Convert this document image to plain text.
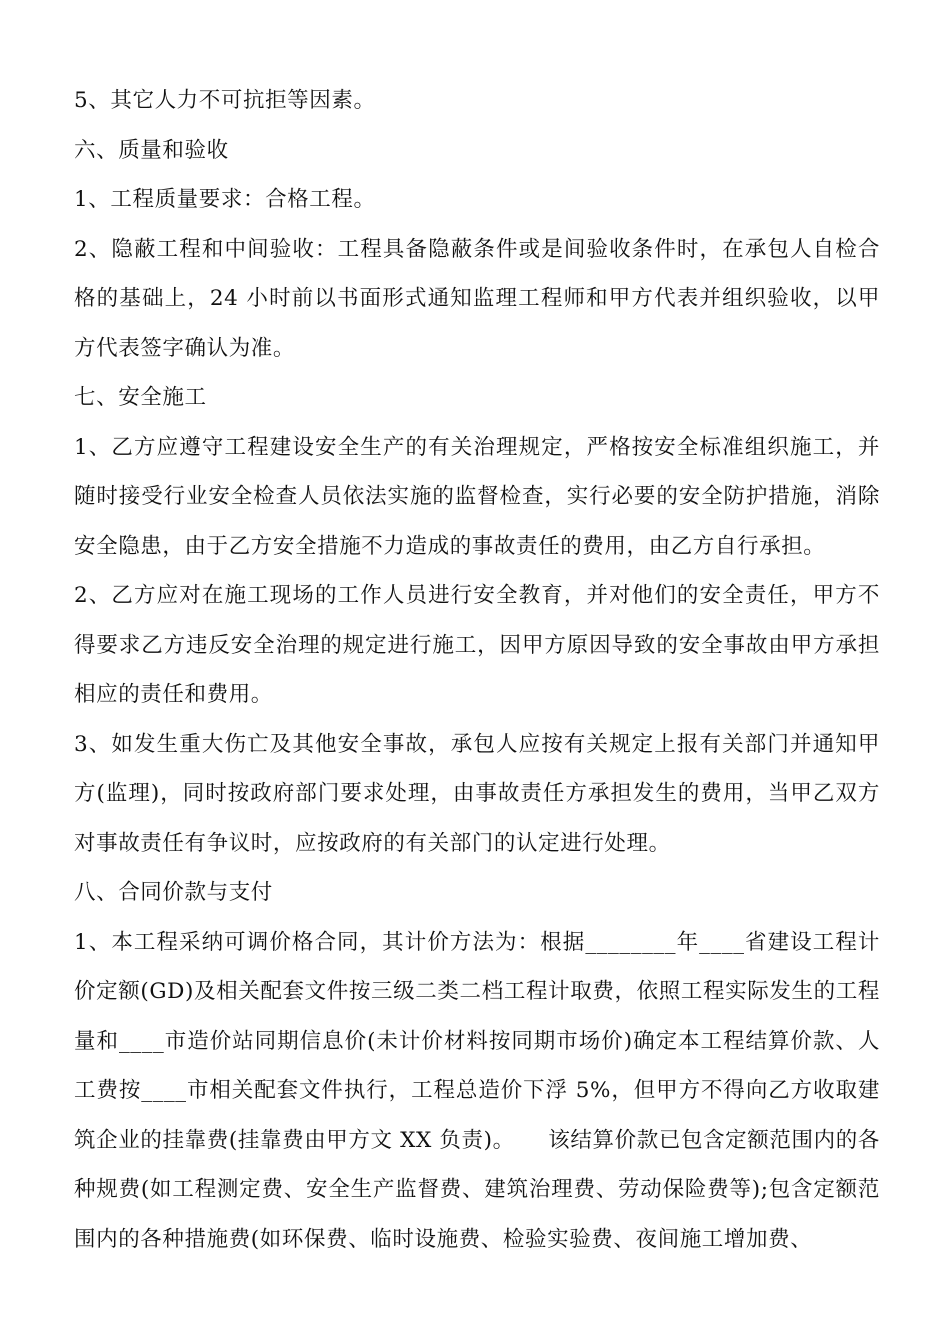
5、其它人力不可抗拒等因素。

六、质量和验收

1、工程质量要求：合格工程。

2、隐蔽工程和中间验收：工程具备隐蔽条件或是间验收条件时，在承包人自检合格的基础上，24 小时前以书面形式通知监理工程师和甲方代表并组织验收，以甲方代表签字确认为准。

七、安全施工

1、乙方应遵守工程建设安全生产的有关治理规定，严格按安全标准组织施工，并随时接受行业安全检查人员依法实施的监督检查，实行必要的安全防护措施，消除安全隐患，由于乙方安全措施不力造成的事故责任的费用，由乙方自行承担。

2、乙方应对在施工现场的工作人员进行安全教育，并对他们的安全责任，甲方不得要求乙方违反安全治理的规定进行施工，因甲方原因导致的安全事故由甲方承担相应的责任和费用。

3、如发生重大伤亡及其他安全事故，承包人应按有关规定上报有关部门并通知甲方(监理)，同时按政府部门要求处理，由事故责任方承担发生的费用，当甲乙双方对事故责任有争议时，应按政府的有关部门的认定进行处理。

八、合同价款与支付

1、本工程采纳可调价格合同，其计价方法为：根据________年____省建设工程计价定额(GD)及相关配套文件按三级二类二档工程计取费，依照工程实际发生的工程量和____市造价站同期信息价(未计价材料按同期市场价)确定本工程结算价款、人工费按____市相关配套文件执行，工程总造价下浮 5%，但甲方不得向乙方收取建筑企业的挂靠费(挂靠费由甲方文 XX 负责)。　　该结算价款已包含定额范围内的各种规费(如工程测定费、安全生产监督费、建筑治理费、劳动保险费等);包含定额范围内的各种措施费(如环保费、临时设施费、检验实验费、夜间施工增加费、
